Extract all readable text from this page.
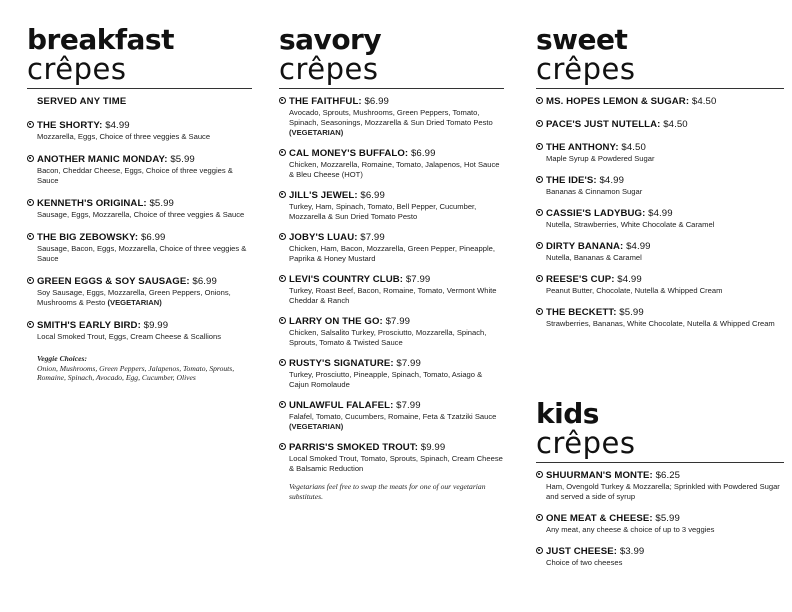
breakfast
crêpes
SERVED ANY TIME
THE SHORTY: $4.99
Mozzarella, Eggs, Choice of three veggies & Sauce
ANOTHER MANIC MONDAY: $5.99
Bacon, Cheddar Cheese, Eggs, Choice of three veggies & Sauce
KENNETH'S ORIGINAL: $5.99
Sausage, Eggs, Mozzarella, Choice of three veggies & Sauce
THE BIG ZEBOWSKY: $6.99
Sausage, Bacon, Eggs, Mozzarella, Choice of three veggies & Sauce
GREEN EGGS & SOY SAUSAGE: $6.99
Soy Sausage, Eggs, Mozzarella, Green Peppers, Onions, Mushrooms & Pesto (VEGETARIAN)
SMITH'S EARLY BIRD: $9.99
Local Smoked Trout, Eggs, Cream Cheese & Scallions
Veggie Choices:
Onion, Mushrooms, Green Peppers, Jalapenos, Tomato, Sprouts, Romaine, Spinach, Avocado, Egg, Cucumber, Olives
savory
crêpes
THE FAITHFUL: $6.99
Avocado, Sprouts, Mushrooms, Green Peppers, Tomato, Spinach, Seasonings, Mozzarella & Sun Dried Tomato Pesto (VEGETARIAN)
CAL MONEY'S BUFFALO: $6.99
Chicken, Mozzarella, Romaine, Tomato, Jalapenos, Hot Sauce & Bleu Cheese (HOT)
JILL'S JEWEL: $6.99
Turkey, Ham, Spinach, Tomato, Bell Pepper, Cucumber, Mozzarella & Sun Dried Tomato Pesto
JOBY'S LUAU: $7.99
Chicken, Ham, Bacon, Mozzarella, Green Pepper, Pineapple, Paprika & Honey Mustard
LEVI'S COUNTRY CLUB: $7.99
Turkey, Roast Beef, Bacon, Romaine, Tomato, Vermont White Cheddar & Ranch
LARRY ON THE GO: $7.99
Chicken, Salsalito Turkey, Prosciutto, Mozzarella, Spinach, Sprouts, Tomato & Twisted Sauce
RUSTY'S SIGNATURE: $7.99
Turkey, Prosciutto, Pineapple, Spinach, Tomato, Asiago & Cajun Romolaude
UNLAWFUL FALAFEL: $7.99
Falafel, Tomato, Cucumbers, Romaine, Feta & Tzatziki Sauce (VEGETARIAN)
PARRIS'S SMOKED TROUT: $9.99
Local Smoked Trout, Tomato, Sprouts, Spinach, Cream Cheese & Balsamic Reduction
Vegetarians feel free to swap the meats for one of our vegetarian substitutes.
sweet
crêpes
MS. HOPES LEMON & SUGAR: $4.50
PACE'S JUST NUTELLA: $4.50
THE ANTHONY: $4.50
Maple Syrup & Powdered Sugar
THE IDE'S: $4.99
Bananas & Cinnamon Sugar
CASSIE'S LADYBUG: $4.99
Nutella, Strawberries, White Chocolate & Caramel
DIRTY BANANA: $4.99
Nutella, Bananas & Caramel
REESE'S CUP: $4.99
Peanut Butter, Chocolate, Nutella & Whipped Cream
THE BECKETT: $5.99
Strawberries, Bananas, White Chocolate, Nutella & Whipped Cream
kids
crêpes
SHUURMAN'S MONTE: $6.25
Ham, Ovengold Turkey & Mozzarella; Sprinkled with Powdered Sugar and served a side of syrup
ONE MEAT & CHEESE: $5.99
Any meat, any cheese & choice of up to 3 veggies
JUST CHEESE: $3.99
Choice of two cheeses
